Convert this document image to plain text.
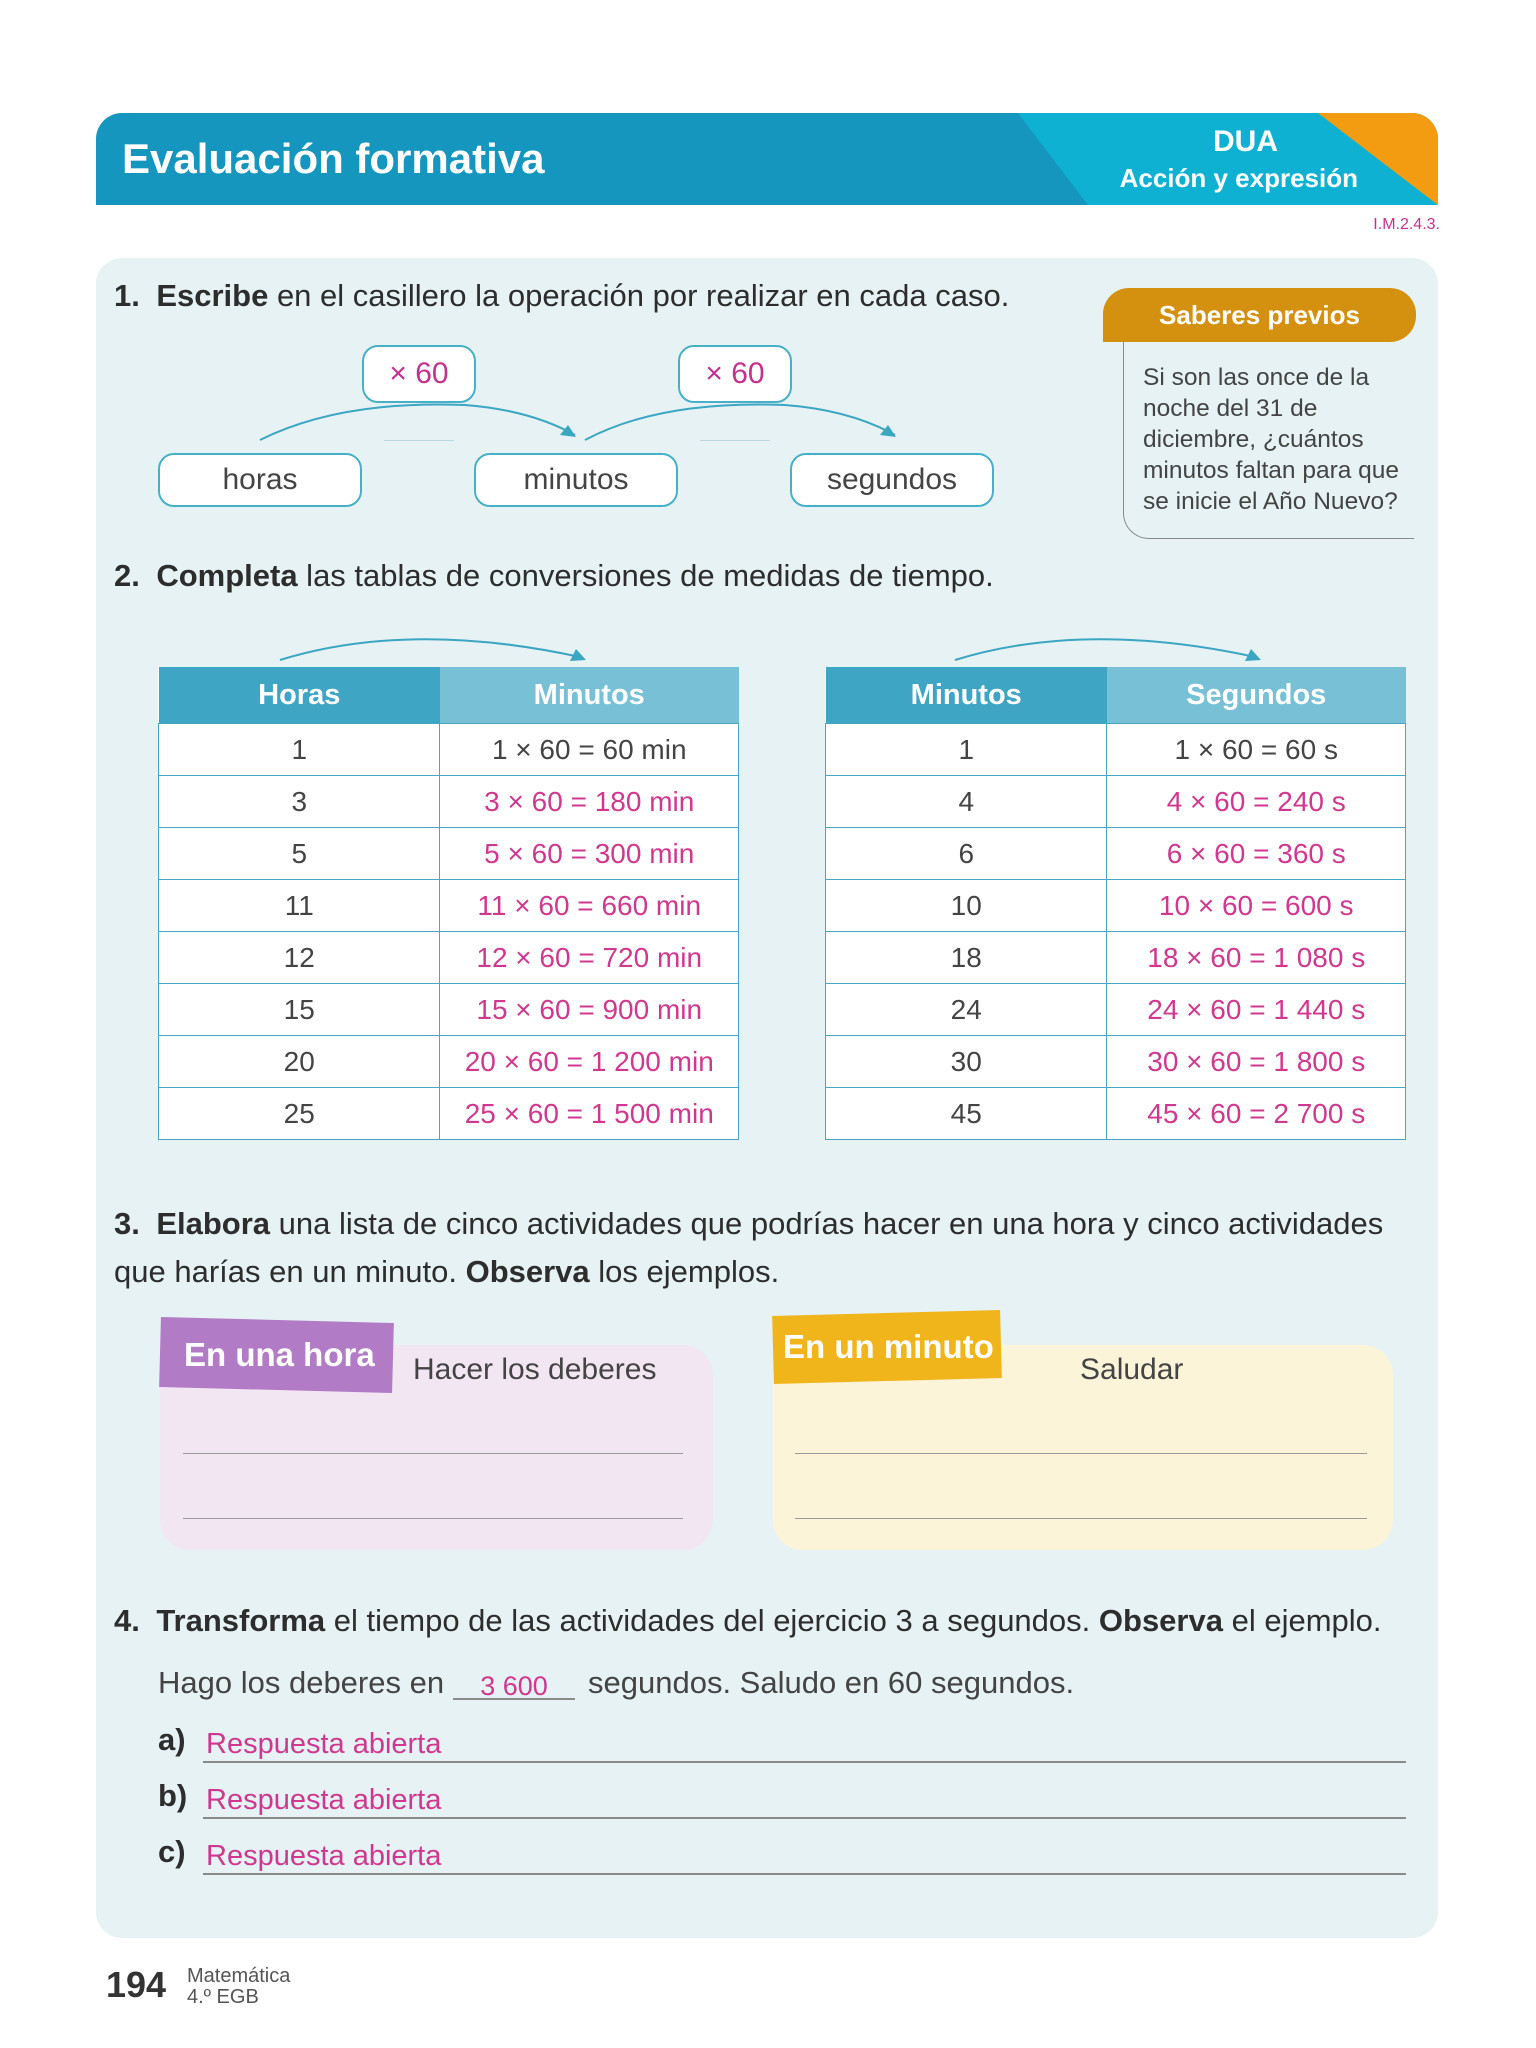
Evaluación formativa	DUA
Acción y expresión
I.M.2.4.3.
1. Escribe en el casillero la operación por realizar en cada caso.
× 60	× 60
horas	minutos	segundos
Saberes previos
Si son las once de la noche del 31 de diciembre, ¿cuántos minutos faltan para que se inicie el Año Nuevo?
2. Completa las tablas de conversiones de medidas de tiempo.
Horas	Minutos
1	1 × 60 = 60 min
3	3 × 60 = 180 min
5	5 × 60 = 300 min
11	11 × 60 = 660 min
12	12 × 60 = 720 min
15	15 × 60 = 900 min
20	20 × 60 = 1 200 min
25	25 × 60 = 1 500 min
Minutos	Segundos
1	1 × 60 = 60 s
4	4 × 60 = 240 s
6	6 × 60 = 360 s
10	10 × 60 = 600 s
18	18 × 60 = 1 080 s
24	24 × 60 = 1 440 s
30	30 × 60 = 1 800 s
45	45 × 60 = 2 700 s
3. Elabora una lista de cinco actividades que podrías hacer en una hora y cinco actividades que harías en un minuto. Observa los ejemplos.
En una hora Hacer los deberes
En un minuto
Saludar
4. Transforma el tiempo de las actividades del ejercicio 3 a segundos. Observa el ejemplo.
Hago los deberes en	3 600	segundos. Saludo en 60 segundos.
a) Respuesta abierta
b) Respuesta abierta
c) Respuesta abierta
194 Matemática
4.º EGB
